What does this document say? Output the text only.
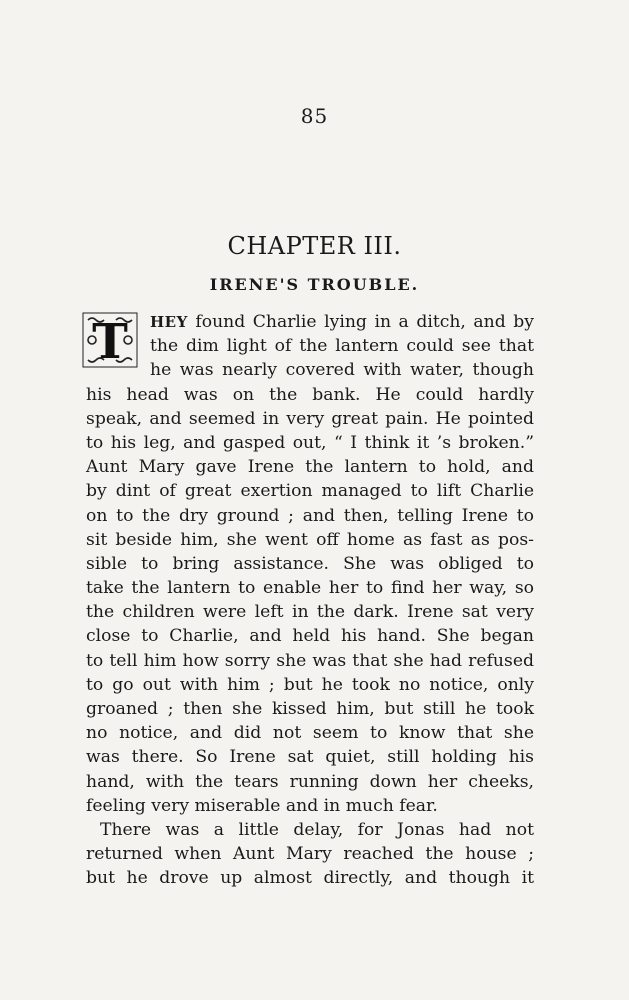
85
CHAPTER III.
IRENE'S TROUBLE.
T	HEY found Charlie lying in a ditch, and by
the dim light of the lantern could see that
he was nearly covered with water, though
his head was on the bank. He could hardly
speak, and seemed in very great pain. He pointed
to his leg, and gasped out, “ I think it ’s broken.”
Aunt Mary gave Irene the lantern to hold, and
by dint of great exertion managed to lift Charlie
on to the dry ground ; and then, telling Irene to
sit beside him, she went off home as fast as pos-
sible to bring assistance. She was obliged to
take the lantern to enable her to find her way, so
the children were left in the dark. Irene sat very
close to Charlie, and held his hand. She began
to tell him how sorry she was that she had refused
to go out with him ; but he took no notice, only
groaned ; then she kissed him, but still he took
no notice, and did not seem to know that she
was there. So Irene sat quiet, still holding his
hand, with the tears running down her cheeks,
feeling very miserable and in much fear.
There was a little delay, for Jonas had not
returned when Aunt Mary reached the house ;
but he drove up almost directly, and though it
